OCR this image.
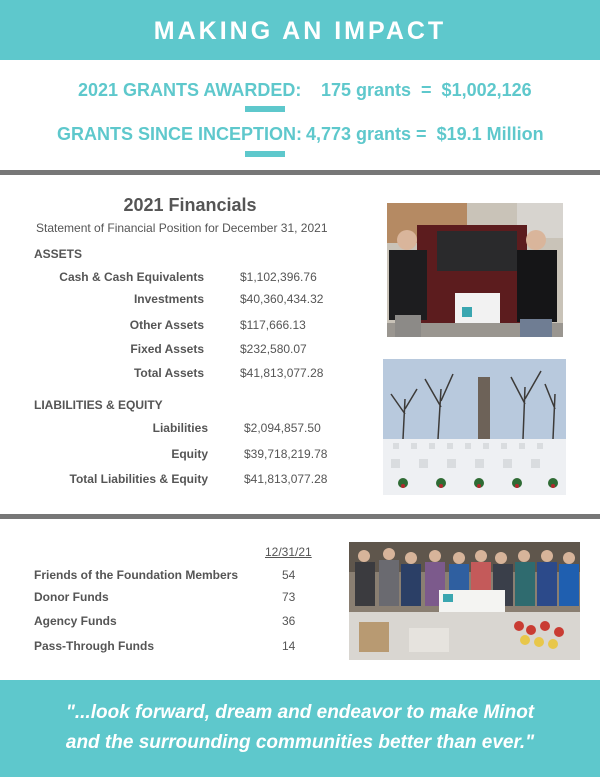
MAKING AN IMPACT
2021 GRANTS AWARDED: 175 grants  =  $1,002,126
GRANTS SINCE INCEPTION: 4,773 grants =  $19.1 Million
2021 Financials
Statement of Financial Position for December 31, 2021
ASSETS
Cash & Cash Equivalents	$1,102,396.76
Investments	$40,360,434.32
Other Assets	$117,666.13
Fixed Assets	$232,580.07
Total Assets	$41,813,077.28
LIABILITIES & EQUITY
Liabilities	$2,094,857.50
Equity	$39,718,219.78
Total Liabilities & Equity	$41,813,077.28
12/31/21
Friends of the Foundation Members	54
Donor Funds	73
Agency Funds	36
Pass-Through Funds	14

"...look forward, dream and endeavor to make Minot
and the surrounding communities better than ever."
